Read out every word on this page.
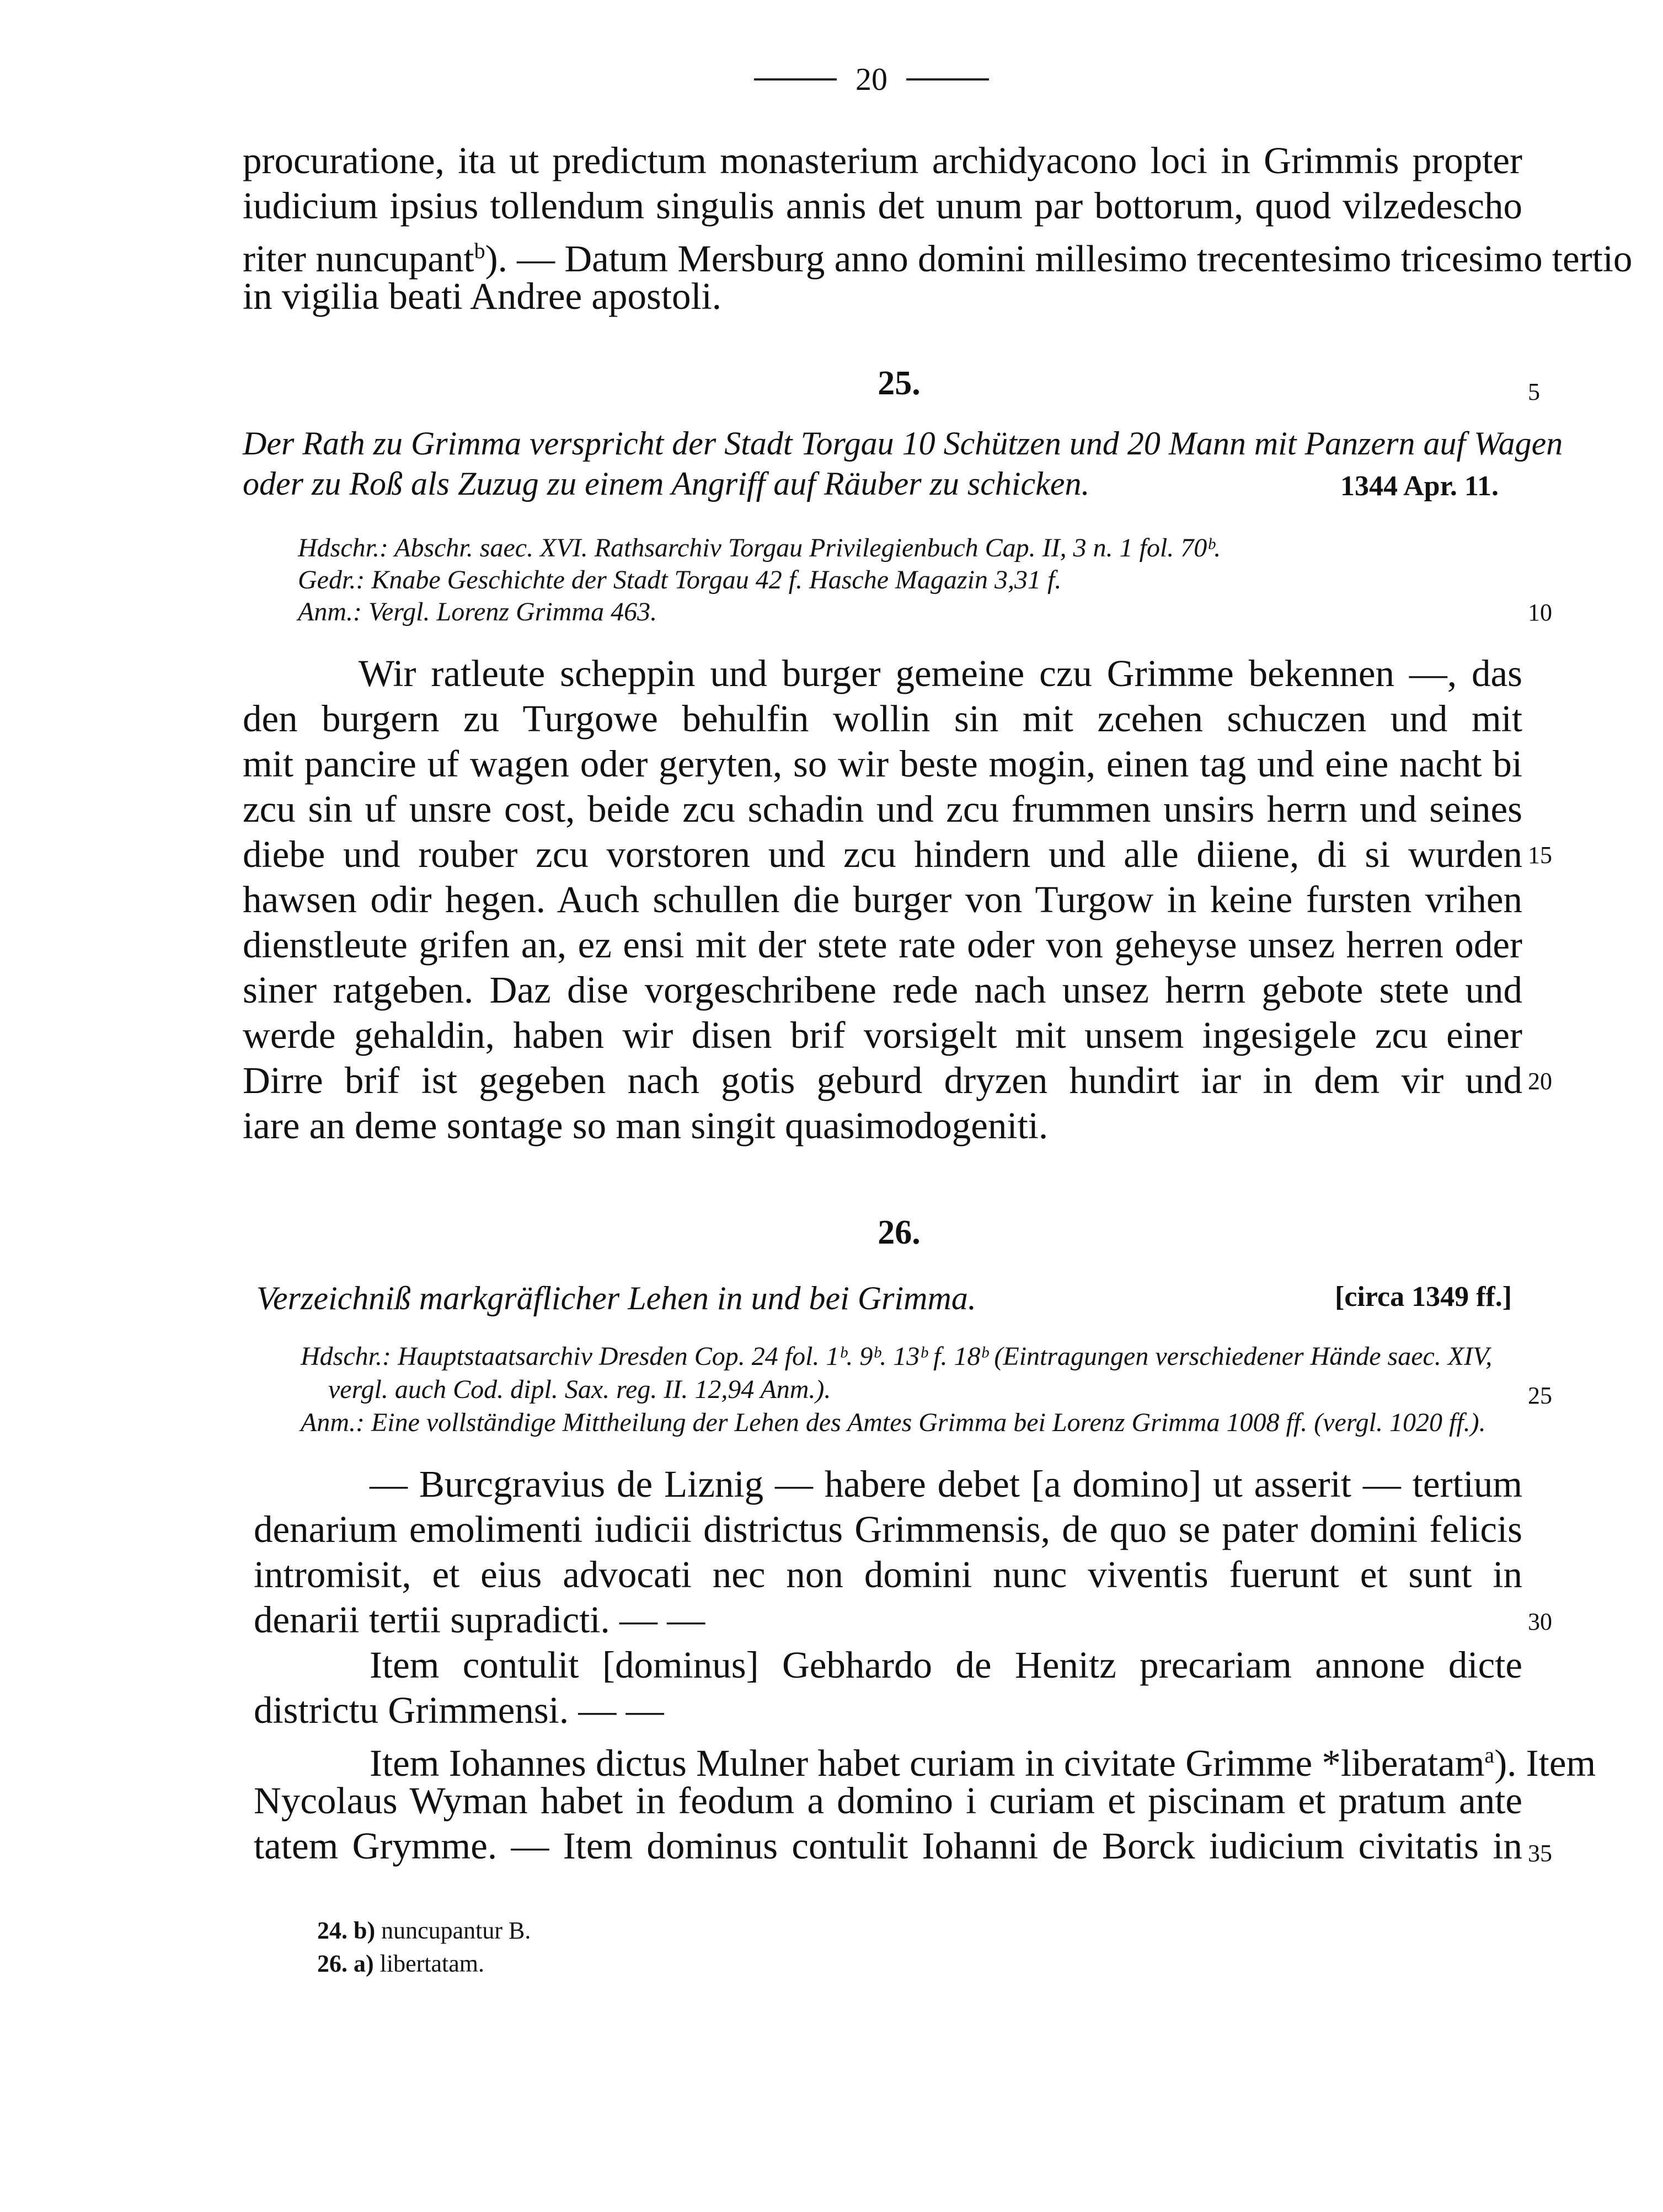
20
procuratione, ita ut predictum monasterium archidyacono loci in Grimmis propter
iudicium ipsius tollendum singulis annis det unum par bottorum, quod vilzedescho
riter nuncupant$^b$). — Datum Mersburg anno domini millesimo trecentesimo tricesimo tertio
in vigilia beati Andree apostoli.
25.
Der Rath zu Grimma verspricht der Stadt Torgau 10 Schützen und 20 Mann mit Panzern auf Wagen
oder zu Roß als Zuzug zu einem Angriff auf Räuber zu schicken.	1344 Apr. 11.
Hdschr.: Abschr. saec. XVI. Rathsarchiv Torgau Privilegienbuch Cap. II, 3 n. 1 fol. 70ᵇ.
Gedr.: Knabe Geschichte der Stadt Torgau 42 f. Hasche Magazin 3,31 f.
Anm.: Vergl. Lorenz Grimma 463.
Wir ratleute scheppin und burger gemeine czu Grimme bekennen —, das
den burgern zu Turgowe behulfin wollin sin mit zcehen schuczen und mit
mit pancire uf wagen oder geryten, so wir beste mogin, einen tag und eine nacht bi
zcu sin uf unsre cost, beide zcu schadin und zcu frummen unsirs herrn und seines
diebe und rouber zcu vorstoren und zcu hindern und alle diiene, di si wurden
hawsen odir hegen. Auch schullen die burger von Turgow in keine fursten vrihen
dienstleute grifen an, ez ensi mit der stete rate oder von geheyse unsez herren oder
siner ratgeben. Daz dise vorgeschribene rede nach unsez herrn gebote stete und
werde gehaldin, haben wir disen brif vorsigelt mit unsem ingesigele zcu einer
Dirre brif ist gegeben nach gotis geburd dryzen hundirt iar in dem vir und
iare an deme sontage so man singit quasimodogeniti.
26.
Verzeichniß markgräflicher Lehen in und bei Grimma.	[circa 1349 ff.]
Hdschr.: Hauptstaatsarchiv Dresden Cop. 24 fol. 1ᵇ. 9ᵇ. 13ᵇ f. 18ᵇ (Eintragungen verschiedener Hände saec. XIV,
vergl. auch Cod. dipl. Sax. reg. II. 12,94 Anm.).
Anm.: Eine vollständige Mittheilung der Lehen des Amtes Grimma bei Lorenz Grimma 1008 ff. (vergl. 1020 ff.).
— Burcgravius de Liznig — habere debet [a domino] ut asserit — tertium
denarium emolimenti iudicii districtus Grimmensis, de quo se pater domini felicis
intromisit, et eius advocati nec non domini nunc viventis fuerunt et sunt in
denarii tertii supradicti. — —
Item contulit [dominus] Gebhardo de Henitz precariam annone dicte
districtu Grimmensi. — —
Item Iohannes dictus Mulner habet curiam in civitate Grimme *liberatam$^a$). Item
Nycolaus Wyman habet in feodum a domino i curiam et piscinam et pratum ante
tatem Grymme. — Item dominus contulit Iohanni de Borck iudicium civitatis in
5
10
15
20
25
30
35
24. b) nuncupantur B.
26. a) libertatam.
